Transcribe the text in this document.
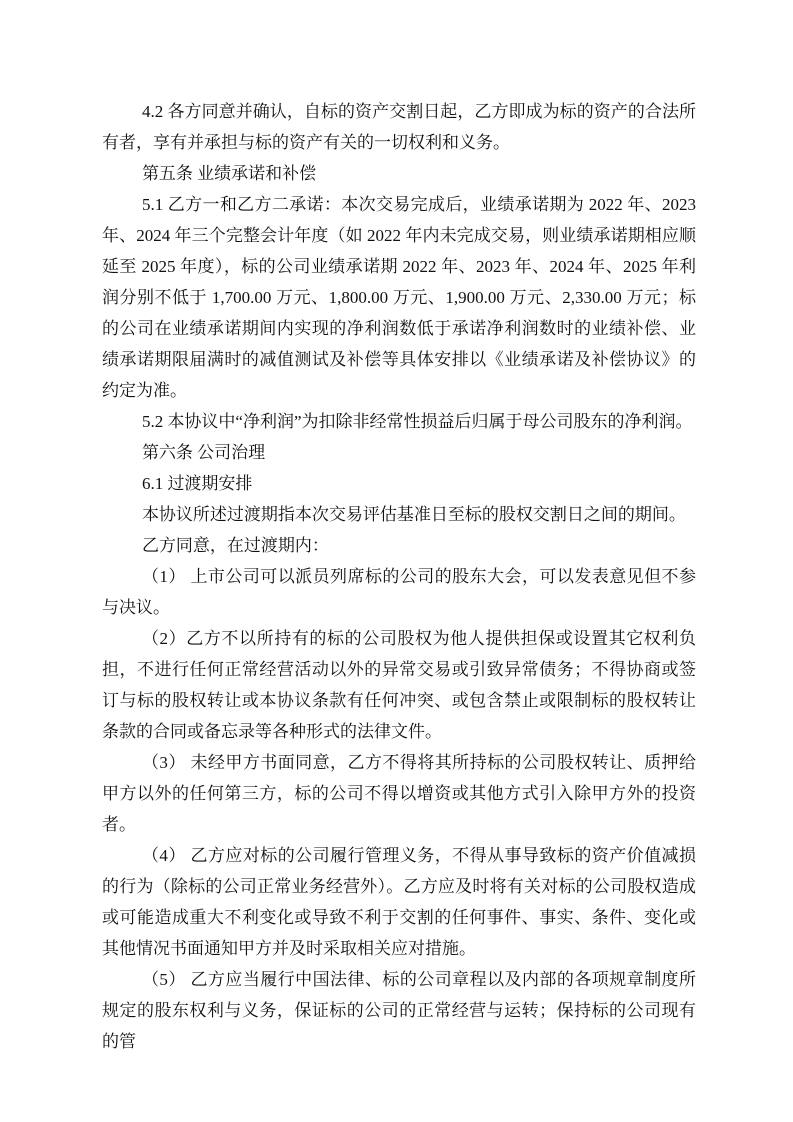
4.2 各方同意并确认，自标的资产交割日起，乙方即成为标的资产的合法所有者，享有并承担与标的资产有关的一切权利和义务。

第五条 业绩承诺和补偿

5.1 乙方一和乙方二承诺：本次交易完成后，业绩承诺期为 2022 年、2023 年、2024 年三个完整会计年度（如 2022 年内未完成交易，则业绩承诺期相应顺延至 2025 年度），标的公司业绩承诺期 2022 年、2023 年、2024 年、2025 年利润分别不低于 1,700.00 万元、1,800.00 万元、1,900.00 万元、2,330.00 万元；标的公司在业绩承诺期间内实现的净利润数低于承诺净利润数时的业绩补偿、业绩承诺期限届满时的减值测试及补偿等具体安排以《业绩承诺及补偿协议》的约定为准。

5.2 本协议中“净利润”为扣除非经常性损益后归属于母公司股东的净利润。

第六条 公司治理

6.1 过渡期安排

本协议所述过渡期指本次交易评估基准日至标的股权交割日之间的期间。

乙方同意，在过渡期内：

（1） 上市公司可以派员列席标的公司的股东大会，可以发表意见但不参与决议。

（2）乙方不以所持有的标的公司股权为他人提供担保或设置其它权利负担，不进行任何正常经营活动以外的异常交易或引致异常债务；不得协商或签订与标的股权转让或本协议条款有任何冲突、或包含禁止或限制标的股权转让条款的合同或备忘录等各种形式的法律文件。

（3） 未经甲方书面同意，乙方不得将其所持标的公司股权转让、质押给甲方以外的任何第三方，标的公司不得以增资或其他方式引入除甲方外的投资者。

（4） 乙方应对标的公司履行管理义务，不得从事导致标的资产价值减损的行为（除标的公司正常业务经营外）。乙方应及时将有关对标的公司股权造成或可能造成重大不利变化或导致不利于交割的任何事件、事实、条件、变化或其他情况书面通知甲方并及时采取相关应对措施。

（5） 乙方应当履行中国法律、标的公司章程以及内部的各项规章制度所规定的股东权利与义务，保证标的公司的正常经营与运转；保持标的公司现有的管
